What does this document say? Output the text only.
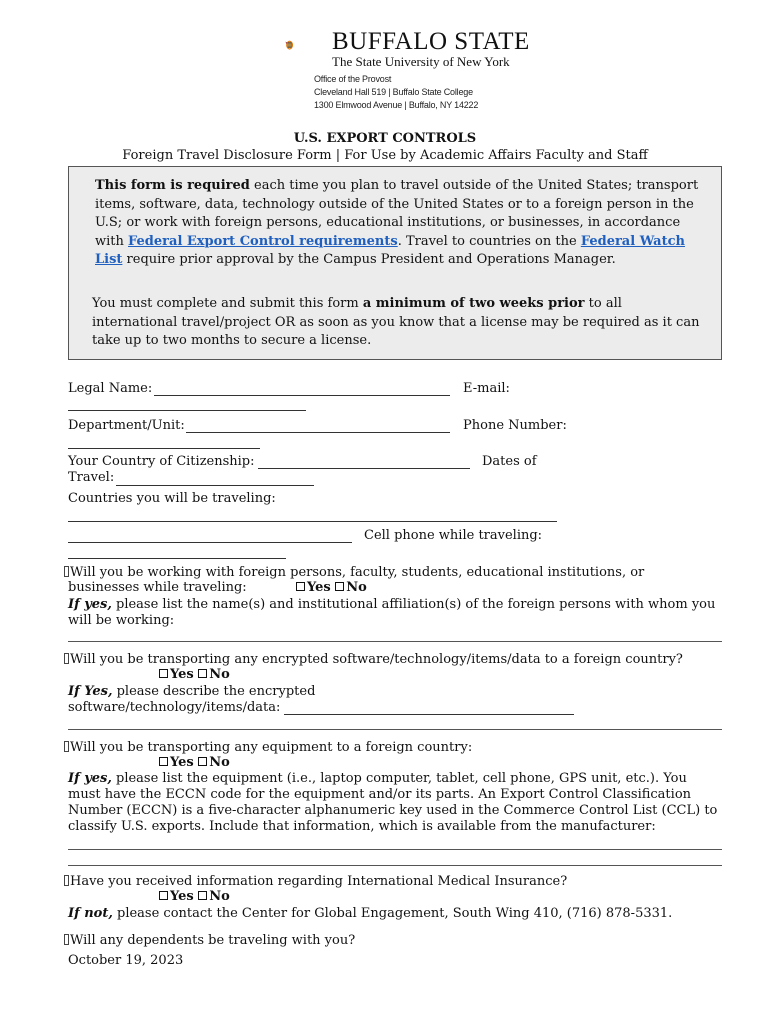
BUFFALO STATE
The State University of New York
Office of the Provost
Cleveland Hall 519 | Buffalo State College
1300 Elmwood Avenue | Buffalo, NY 14222
U.S. EXPORT CONTROLS
Foreign Travel Disclosure Form | For Use by Academic Affairs Faculty and Staff
This form is required each time you plan to travel outside of the United States; transport items, software, data, technology outside of the United States or to a foreign person in the U.S; or work with foreign persons, educational institutions, or businesses, in accordance with Federal Export Control requirements. Travel to countries on the Federal Watch List require prior approval by the Campus President and Operations Manager.
You must complete and submit this form a minimum of two weeks prior to all international travel/project OR as soon as you know that a license may be required as it can take up to two months to secure a license.
Legal Name:	E-mail:
Department/Unit:	Phone Number:
Your Country of Citizenship:	Dates of
Travel:
Countries you will be traveling:
Cell phone while traveling:
Will you be working with foreign persons, faculty, students, educational institutions, or
businesses while traveling:	Yes No
If yes, please list the name(s) and institutional affiliation(s) of the foreign persons with whom you will be working:
Will you be transporting any encrypted software/technology/items/data to a foreign country?
Yes No
If Yes, please describe the encrypted
software/technology/items/data:
Will you be transporting any equipment to a foreign country:
Yes No
If yes, please list the equipment (i.e., laptop computer, tablet, cell phone, GPS unit, etc.). You must have the ECCN code for the equipment and/or its parts. An Export Control Classification Number (ECCN) is a five-character alphanumeric key used in the Commerce Control List (CCL) to classify U.S. exports. Include that information, which is available from the manufacturer:
Have you received information regarding International Medical Insurance?
Yes No
If not, please contact the Center for Global Engagement, South Wing 410, (716) 878-5331.
Will any dependents be traveling with you?
October 19, 2023
